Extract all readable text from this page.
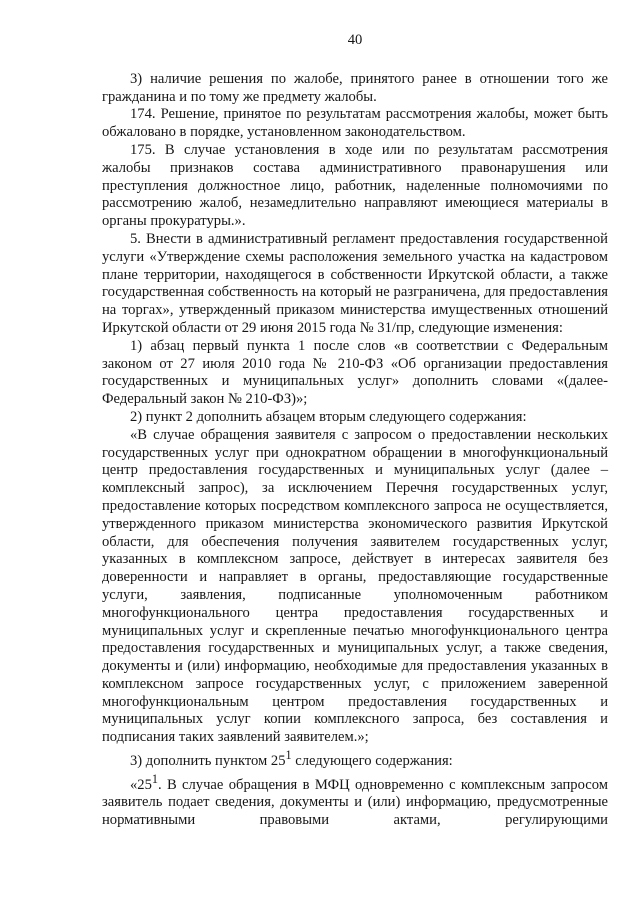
40

3) наличие решения по жалобе, принятого ранее в отношении того же гражданина и по тому же предмету жалобы.

174. Решение, принятое по результатам рассмотрения жалобы, может быть обжаловано в порядке, установленном законодательством.

175. В случае установления в ходе или по результатам рассмотрения жалобы признаков состава административного правонарушения или преступления должностное лицо, работник, наделенные полномочиями по рассмотрению жалоб, незамедлительно направляют имеющиеся материалы в органы прокуратуры.».

5. Внести в административный регламент предоставления государственной услуги «Утверждение схемы расположения земельного участка на кадастровом плане территории, находящегося в собственности Иркутской области, а также государственная собственность на который не разграничена, для предоставления на торгах», утвержденный приказом министерства имущественных отношений Иркутской области от 29 июня 2015 года № 31/пр, следующие изменения:

1) абзац первый пункта 1 после слов «в соответствии с Федеральным законом от 27 июля 2010 года № 210-ФЗ «Об организации предоставления государственных и муниципальных услуг» дополнить словами «(далее- Федеральный закон № 210-ФЗ)»;

2) пункт 2 дополнить абзацем вторым следующего содержания:

«В случае обращения заявителя с запросом о предоставлении нескольких государственных услуг при однократном обращении в многофункциональный центр предоставления государственных и муниципальных услуг (далее – комплексный запрос), за исключением Перечня государственных услуг, предоставление которых посредством комплексного запроса не осуществляется, утвержденного приказом министерства экономического развития Иркутской области, для обеспечения получения заявителем государственных услуг, указанных в комплексном запросе, действует в интересах заявителя без доверенности и направляет в органы, предоставляющие государственные услуги, заявления, подписанные уполномоченным работником многофункционального центра предоставления государственных и муниципальных услуг и скрепленные печатью многофункционального центра предоставления государственных и муниципальных услуг, а также сведения, документы и (или) информацию, необходимые для предоставления указанных в комплексном запросе государственных услуг, с приложением заверенной многофункциональным центром предоставления государственных и муниципальных услуг копии комплексного запроса, без составления и подписания таких заявлений заявителем.»;

3) дополнить пунктом $25^1$ следующего содержания:

«$25^1$. В случае обращения в МФЦ одновременно с комплексным запросом заявитель подает сведения, документы и (или) информацию, предусмотренные нормативными правовыми актами, регулирующими
